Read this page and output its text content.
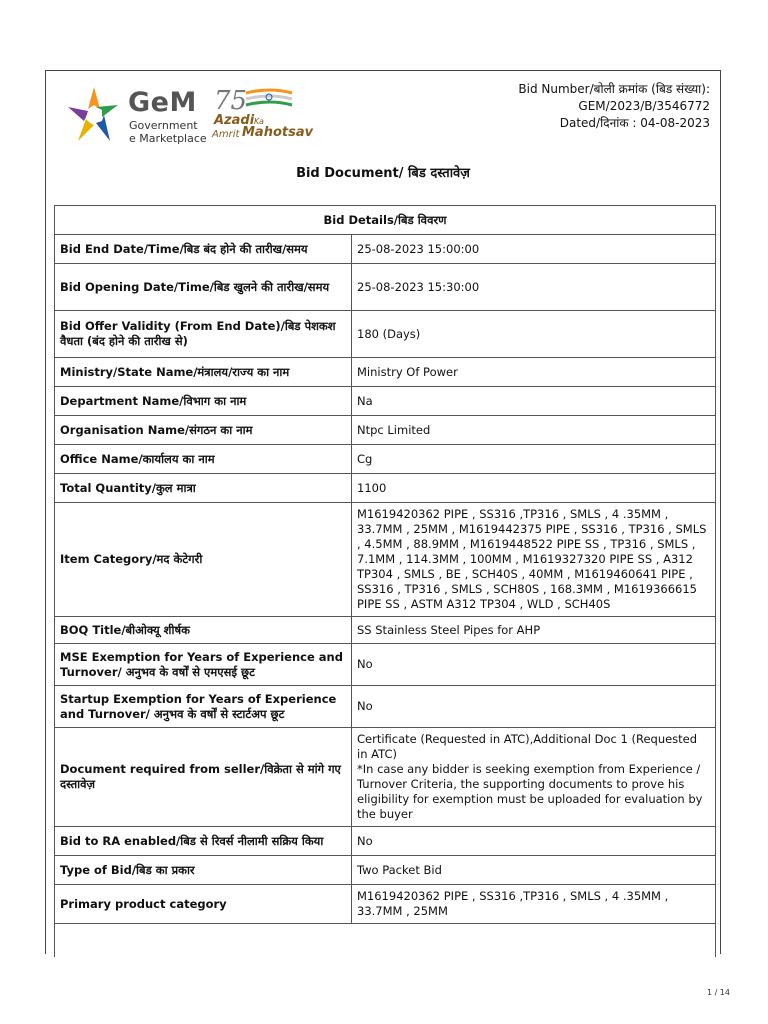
GeM
Government
e Marketplace
75
Azadi Ka
Amrit Mahotsav
Bid Number/बोली क्रमांक (बिड संख्या):
GEM/2023/B/3546772
Dated/दिनांक : 04-08-2023
Bid Document/ बिड दस्तावेज़
Bid Details/बिड विवरण	
Bid End Date/Time/बिड बंद होने की तारीख/समय	25-08-2023 15:00:00
Bid Opening Date/Time/बिड खुलने की तारीख/समय	25-08-2023 15:30:00
Bid Offer Validity (From End Date)/बिड पेशकश वैधता (बंद होने की तारीख से)	180 (Days)
Ministry/State Name/मंत्रालय/राज्य का नाम	Ministry Of Power
Department Name/विभाग का नाम	Na
Organisation Name/संगठन का नाम	Ntpc Limited
Office Name/कार्यालय का नाम	Cg
Total Quantity/कुल मात्रा	1100
Item Category/मद केटेगरी	M1619420362 PIPE , SS316 ,TP316 , SMLS , 4 .35MM , 33.7MM , 25MM , M1619442375 PIPE , SS316 , TP316 , SMLS , 4.5MM , 88.9MM , M1619448522 PIPE SS , TP316 , SMLS , 7.1MM , 114.3MM , 100MM , M1619327320 PIPE SS , A312 TP304 , SMLS , BE , SCH40S , 40MM , M1619460641 PIPE , SS316 , TP316 , SMLS , SCH80S , 168.3MM , M1619366615 PIPE SS , ASTM A312 TP304 , WLD , SCH40S
BOQ Title/बीओक्यू शीर्षक	SS Stainless Steel Pipes for AHP
MSE Exemption for Years of Experience and Turnover/ अनुभव के वर्षों से एमएसई छूट	No
Startup Exemption for Years of Experience and Turnover/ अनुभव के वर्षों से स्टार्टअप छूट	No
Document required from seller/विक्रेता से मांगे गए दस्तावेज़	Certificate (Requested in ATC),Additional Doc 1 (Requested in ATC)
*In case any bidder is seeking exemption from Experience / Turnover Criteria, the supporting documents to prove his eligibility for exemption must be uploaded for evaluation by the buyer
Bid to RA enabled/बिड से रिवर्स नीलामी सक्रिय किया	No
Type of Bid/बिड का प्रकार	Two Packet Bid
Primary product category	M1619420362 PIPE , SS316 ,TP316 , SMLS , 4 .35MM , 33.7MM , 25MM
1 / 14
